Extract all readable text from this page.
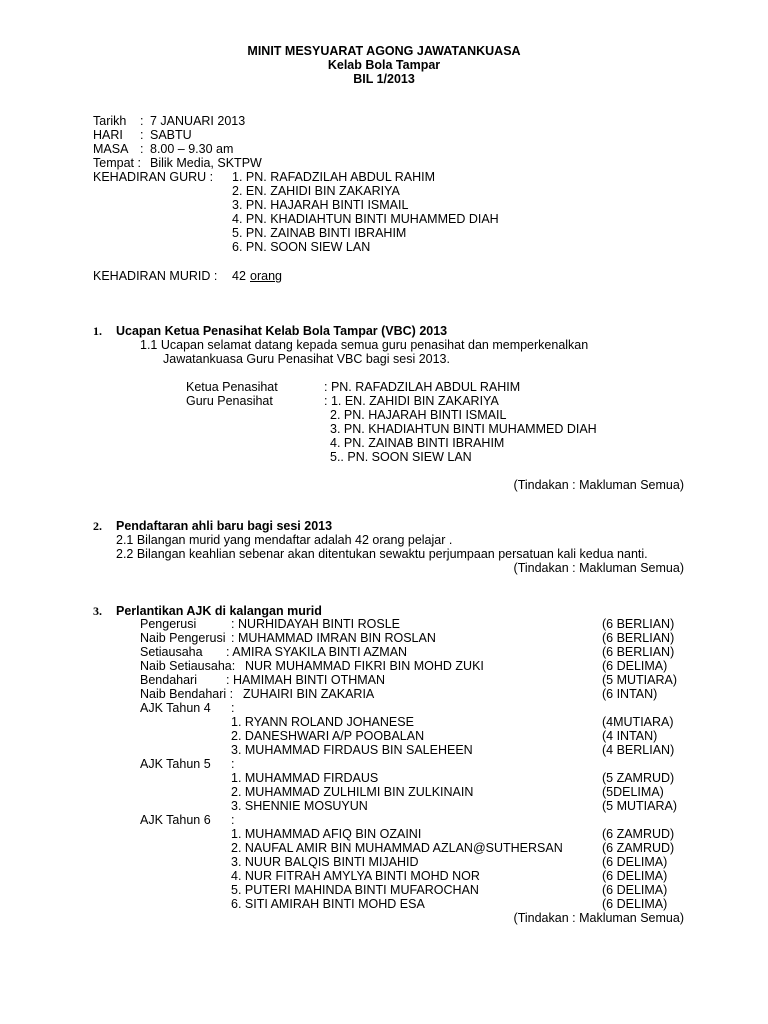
MINIT MESYUARAT AGONG JAWATANKUASA
Kelab Bola Tampar
BIL 1/2013
Tarikh : 7 JANUARI 2013
HARI : SABTU
MASA : 8.00 – 9.30 am
Tempat : Bilik Media, SKTPW
KEHADIRAN GURU : 1. PN. RAFADZILAH ABDUL RAHIM
2. EN. ZAHIDI BIN ZAKARIYA
3. PN. HAJARAH BINTI ISMAIL
4. PN. KHADIAHTUN BINTI MUHAMMED DIAH
5. PN. ZAINAB BINTI IBRAHIM
6. PN. SOON SIEW LAN
KEHADIRAN MURID : 42 orang
1. Ucapan Ketua Penasihat Kelab Bola Tampar (VBC) 2013
1.1 Ucapan selamat datang kepada semua guru penasihat dan memperkenalkan
Jawatankuasa Guru Penasihat VBC bagi sesi 2013.
Ketua Penasihat	: PN. RAFADZILAH ABDUL RAHIM
Guru Penasihat	: 1. EN. ZAHIDI BIN ZAKARIYA
2. PN. HAJARAH BINTI ISMAIL
3. PN. KHADIAHTUN BINTI MUHAMMED DIAH
4. PN. ZAINAB BINTI IBRAHIM
5.. PN. SOON SIEW LAN
(Tindakan : Makluman Semua)
2. Pendaftaran ahli baru bagi sesi 2013
2.1 Bilangan murid yang mendaftar adalah 42 orang pelajar .
2.2 Bilangan keahlian sebenar akan ditentukan sewaktu perjumpaan persatuan kali kedua nanti.
(Tindakan : Makluman Semua)
3. Perlantikan AJK di kalangan murid
Pengerusi	: NURHIDAYAH BINTI ROSLE	(6 BERLIAN)
Naib Pengerusi : MUHAMMAD IMRAN BIN ROSLAN	(6 BERLIAN)
Setiausaha : AMIRA SYAKILA BINTI AZMAN	(6 BERLIAN)
Naib Setiausaha: NUR MUHAMMAD FIKRI BIN MOHD ZUKI	(6 DELIMA)
Bendahari : HAMIMAH BINTI OTHMAN	(5 MUTIARA)
Naib Bendahari : ZUHAIRI BIN ZAKARIA	(6 INTAN)
AJK Tahun 4 :
1. RYANN ROLAND JOHANESE	(4MUTIARA)
2. DANESHWARI A/P POOBALAN	(4 INTAN)
3. MUHAMMAD FIRDAUS BIN SALEHEEN	(4 BERLIAN)
AJK Tahun 5 :
1. MUHAMMAD FIRDAUS	(5 ZAMRUD)
2. MUHAMMAD ZULHILMI BIN ZULKINAIN	(5DELIMA)
3. SHENNIE MOSUYUN	(5 MUTIARA)
AJK Tahun 6 :
1. MUHAMMAD AFIQ BIN OZAINI	(6 ZAMRUD)
2. NAUFAL AMIR BIN MUHAMMAD AZLAN@SUTHERSAN	(6 ZAMRUD)
3. NUUR BALQIS BINTI MIJAHID	(6 DELIMA)
4. NUR FITRAH AMYLYA BINTI MOHD NOR	(6 DELIMA)
5. PUTERI MAHINDA BINTI MUFAROCHAN	(6 DELIMA)
6. SITI AMIRAH BINTI MOHD ESA	(6 DELIMA)
(Tindakan : Makluman Semua)
